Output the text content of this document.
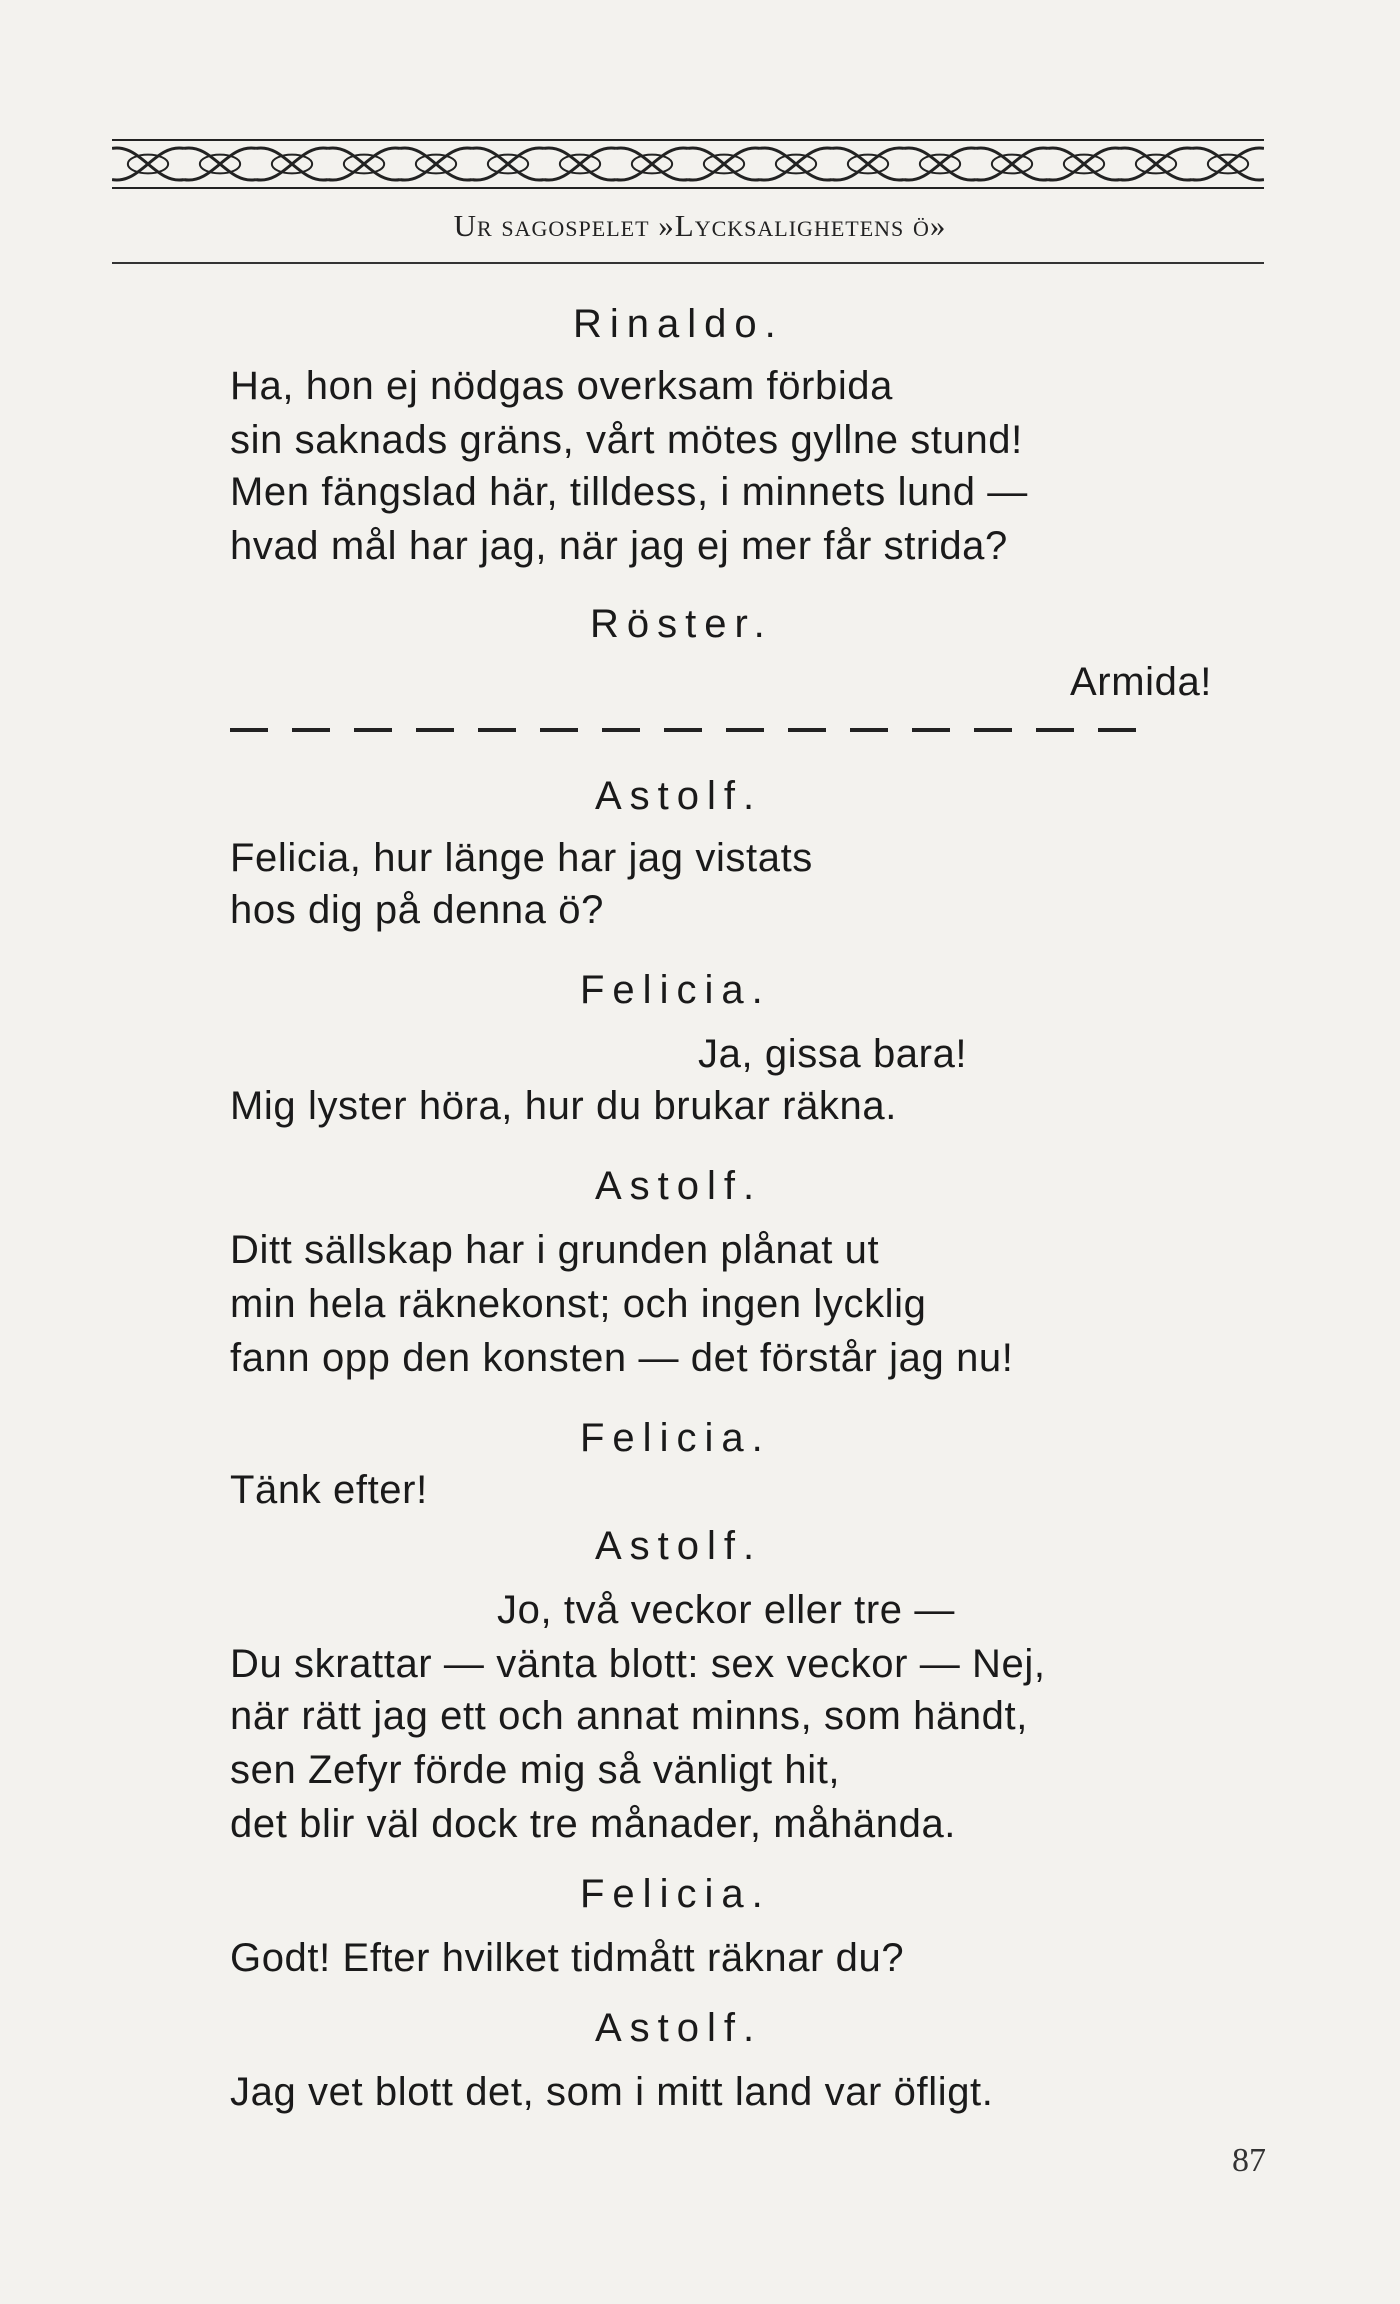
Ur sagospelet »Lycksalighetens ö»
Rinaldo.
Ha, hon ej nödgas overksam förbida
sin saknads gräns, vårt mötes gyllne stund!
Men fängslad här, tilldess, i minnets lund —
hvad mål har jag, när jag ej mer får strida?
Röster.
Armida!
Astolf.
Felicia, hur länge har jag vistats
hos dig på denna ö?
Felicia.
Ja, gissa bara!
Mig lyster höra, hur du brukar räkna.
Astolf.
Ditt sällskap har i grunden plånat ut
min hela räknekonst; och ingen lycklig
fann opp den konsten — det förstår jag nu!
Felicia.
Tänk efter!
Astolf.
Jo, två veckor eller tre —
Du skrattar — vänta blott: sex veckor — Nej,
när rätt jag ett och annat minns, som händt,
sen Zefyr förde mig så vänligt hit,
det blir väl dock tre månader, måhända.
Felicia.
Godt! Efter hvilket tidmått räknar du?
Astolf.
Jag vet blott det, som i mitt land var öfligt.
87
